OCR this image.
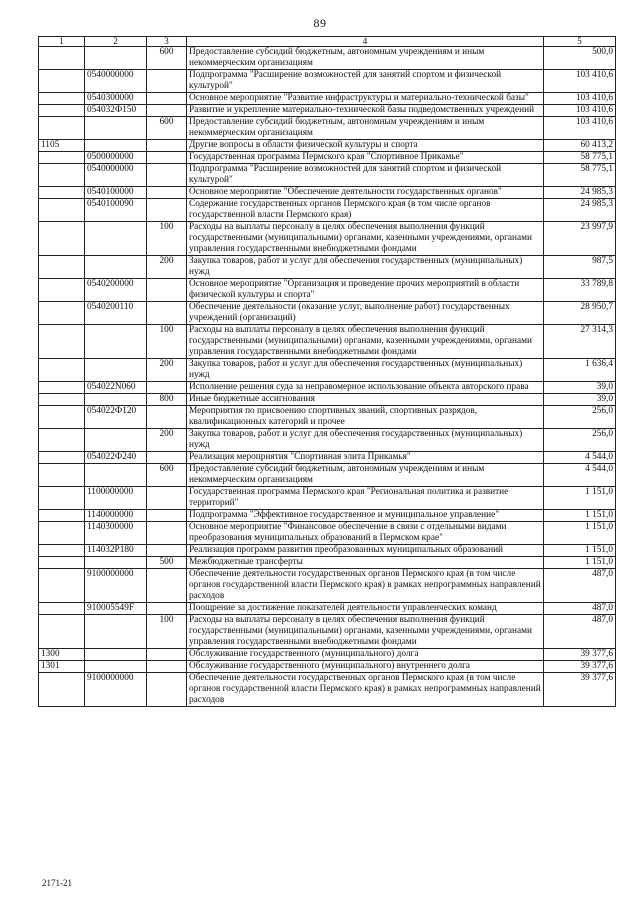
89
1	2	3	4	5
		600	Предоставление субсидий бюджетным, автономным учреждениям и иным некоммерческим организациям	500,0
	0540000000		Подпрограмма "Расширение возможностей для занятий спортом и физической культурой"	103 410,6
	0540300000		Основное мероприятие "Развитие инфраструктуры и материально-технической базы"	103 410,6
	054032Ф150		Развитие и укрепление материально-технической базы подведомственных учреждений	103 410,6
		600	Предоставление субсидий бюджетным, автономным учреждениям и иным некоммерческим организациям	103 410,6
1105			Другие вопросы в области физической культуры и спорта	60 413,2
	0500000000		Государственная программа Пермского края "Спортивное Прикамье"	58 775,1
	0540000000		Подпрограмма "Расширение возможностей для занятий спортом и физической культурой"	58 775,1
	0540100000		Основное мероприятие "Обеспечение деятельности государственных органов"	24 985,3
	0540100090		Содержание государственных органов Пермского края (в том числе органов государственной власти Пермского края)	24 985,3
		100	Расходы на выплаты персоналу в целях обеспечения выполнения функций государственными (муниципальными) органами, казенными учреждениями, органами управления государственными внебюджетными фондами	23 997,9
		200	Закупка товаров, работ и услуг для обеспечения государственных (муниципальных) нужд	987,5
	0540200000		Основное мероприятие "Организация и проведение прочих мероприятий в области физической культуры и спорта"	33 789,8
	0540200110		Обеспечение деятельности (оказание услуг, выполнение работ) государственных учреждений (организаций)	28 950,7
		100	Расходы на выплаты персоналу в целях обеспечения выполнения функций государственными (муниципальными) органами, казенными учреждениями, органами управления государственными внебюджетными фондами	27 314,3
		200	Закупка товаров, работ и услуг для обеспечения государственных (муниципальных) нужд	1 636,4
	054022N060		Исполнение решения суда за неправомерное использование объекта авторского права	39,0
		800	Иные бюджетные ассигнования	39,0
	054022Ф120		Мероприятия по присвоению спортивных званий, спортивных разрядов, квалификационных категорий и прочее	256,0
		200	Закупка товаров, работ и услуг для обеспечения государственных (муниципальных) нужд	256,0
	054022Ф240		Реализация мероприятия "Спортивная элита Прикамья"	4 544,0
		600	Предоставление субсидий бюджетным, автономным учреждениям и иным некоммерческим организациям	4 544,0
	1100000000		Государственная программа Пермского края "Региональная политика и развитие территорий"	1 151,0
	1140000000		Подпрограмма "Эффективное государственное и муниципальное управление"	1 151,0
	1140300000		Основное мероприятие "Финансовое обеспечение в связи с отдельными видами преобразования муниципальных образований в Пермском крае"	1 151,0
	114032Р180		Реализация программ развития преобразованных муниципальных образований	1 151,0
		500	Межбюджетные трансферты	1 151,0
	9100000000		Обеспечение деятельности государственных органов Пермского края (в том числе органов государственной власти Пермского края) в рамках непрограммных направлений расходов	487,0
	910005549F		Поощрение за достижение показателей деятельности управленческих команд	487,0
		100	Расходы на выплаты персоналу в целях обеспечения выполнения функций государственными (муниципальными) органами, казенными учреждениями, органами управления государственными внебюджетными фондами	487,0
1300			Обслуживание государственного (муниципального) долга	39 377,6
1301			Обслуживание государственного (муниципального) внутреннего долга	39 377,6
	9100000000		Обеспечение деятельности государственных органов Пермского края (в том числе органов государственной власти Пермского края) в рамках непрограммных направлений расходов	39 377,6
2171-21
